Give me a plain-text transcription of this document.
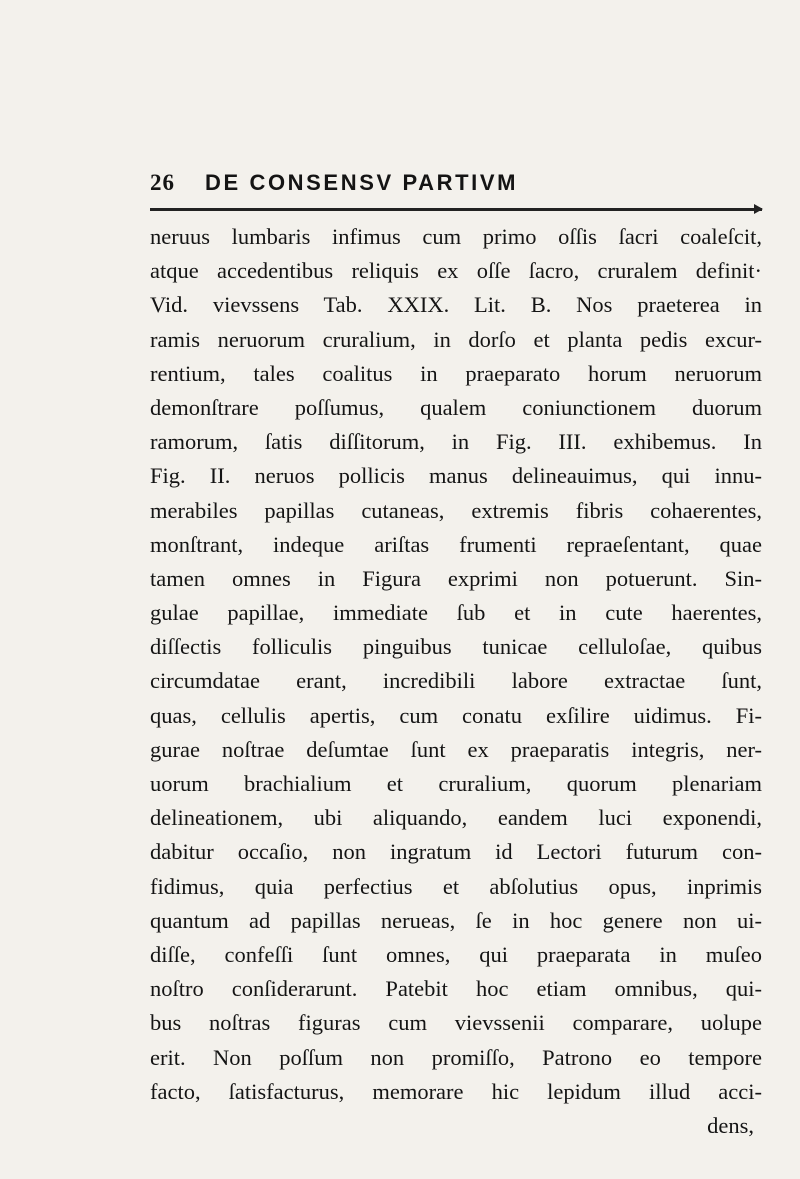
26 DE CONSENSV PARTIVM
neruus lumbaris infimus cum primo oſſis ſacri coaleſcit,
atque accedentibus reliquis ex oſſe ſacro, cruralem definit·
Vid. vievssens Tab. XXIX. Lit. B. Nos praeterea in
ramis neruorum cruralium, in dorſo et planta pedis excur-
rentium, tales coalitus in praeparato horum neruorum
demonſtrare poſſumus, qualem coniunctionem duorum
ramorum, ſatis diſſitorum, in Fig. III. exhibemus. In
Fig. II. neruos pollicis manus delineauimus, qui innu-
merabiles papillas cutaneas, extremis fibris cohaerentes,
monſtrant, indeque ariſtas frumenti repraeſentant, quae
tamen omnes in Figura exprimi non potuerunt. Sin-
gulae papillae, immediate ſub et in cute haerentes,
diſſectis folliculis pinguibus tunicae celluloſae, quibus
circumdatae erant, incredibili labore extractae ſunt,
quas, cellulis apertis, cum conatu exſilire uidimus. Fi-
gurae noſtrae deſumtae ſunt ex praeparatis integris, ner-
uorum brachialium et cruralium, quorum plenariam
delineationem, ubi aliquando, eandem luci exponendi,
dabitur occaſio, non ingratum id Lectori futurum con-
fidimus, quia perfectius et abſolutius opus, inprimis
quantum ad papillas neruеas, ſe in hoc genere non ui-
diſſe, confeſſi ſunt omnes, qui praeparata in muſeo
noſtro conſiderarunt. Patebit hoc etiam omnibus, qui-
bus noſtras figuras cum vievssenii comparare, uolupe
erit. Non poſſum non promiſſo, Patrono eo tempore
facto, ſatisfacturus, memorare hic lepidum illud acci-
dens,
